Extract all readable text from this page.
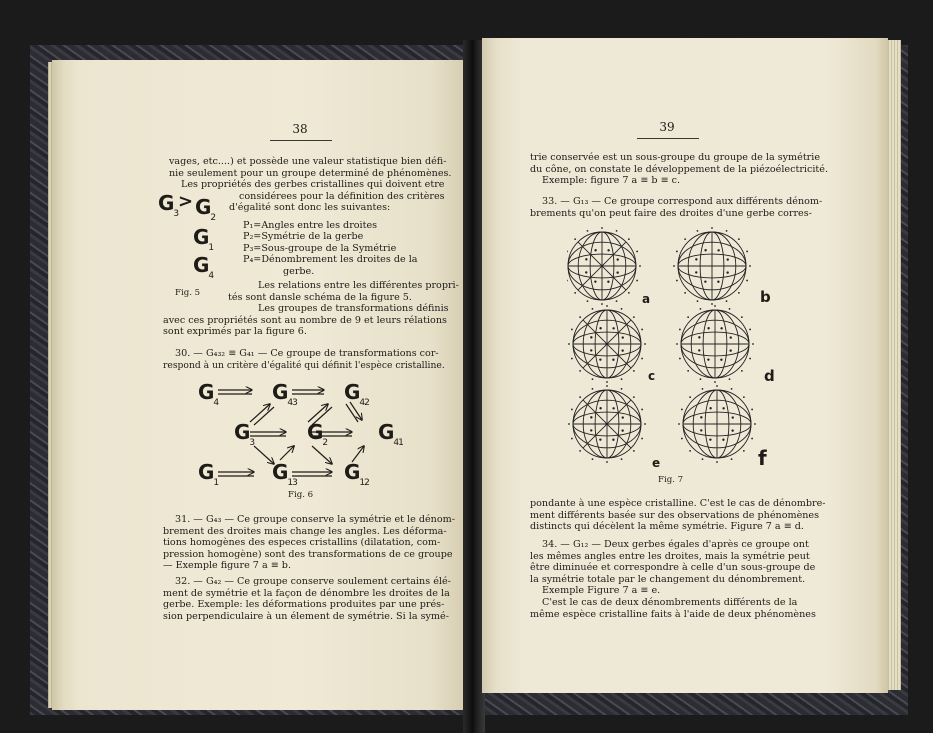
38
vages, etc....) et possède une valeur statistique bien défi-
nie seulement pour un groupe determiné de phénomènes.
Les propriétés des gerbes cristallines qui doivent etre
considérees pour la définition des critères
d'égalité sont donc les suivantes:
$G_3$
> $G_2$
$G_1$
$G_4$
P₁=Angles entre les droites
P₂=Symétrie de la gerbe
P₃=Sous-groupe de la Symétrie
P₄=Dénombrement les droites de la
gerbe.
Fig. 5
Les relations entre les différentes propri-
tés sont dansle schéma de la figure 5.
Les groupes de transformations définis
avec ces propriétés sont au nombre de 9 et leurs rélations
sont exprimés par la figure 6.
30. — G₄₃₂ ≡ G₄₁ — Ce groupe de transformations cor-
respond à un critère d'égalité qui définit l'espèce cristalline.
$G_4$	$G_{43}$ $G_{42}$
$G_3$	$G_2$	$G_{41}$
$G_1$	$G_{13}$ $G_{12}$
Fig. 6
31. — G₄₃ — Ce groupe conserve la symétrie et le dénom-
brement des droites mais change les angles. Les déforma-
tions homogènes des especes cristallins (dilatation, com-
pression homogène) sont des transformations de ce groupe
— Exemple figure 7 a ≡ b.
32. — G₄₂ — Ce groupe conserve soulement certains élé-
ment de symétrie et la façon de dénombre les droites de la
gerbe. Exemple: les déformations produites par une prés-
sion perpendiculaire à un élement de symétrie. Si la symé-
39
trie conservée est un sous-groupe du groupe de la symétrie
du cône, on constate le développement de la piézoélectricité.
Exemple: figure 7 a ≡ b ≡ c.
33. — G₁₃ — Ce groupe correspond aux différents dénom-
brements qu'on peut faire des droites d'une gerbe corres-
a	b
c	d
e	f
Fig. 7
pondante à une espèce cristalline. C'est le cas de dénombre-
ment différents basée sur des observations de phénomènes
distincts qui décèlent la même symétrie. Figure 7 a ≡ d.
34. — G₁₂ — Deux gerbes égales d'après ce groupe ont
les mêmes angles entre les droites, mais la symétrie peut
être diminuée et correspondre à celle d'un sous-groupe de
la symétrie totale par le changement du dénombrement.
Exemple Figure 7 a ≡ e.
C'est le cas de deux dénombrements différents de la
même espèce cristalline faits à l'aide de deux phénomènes
